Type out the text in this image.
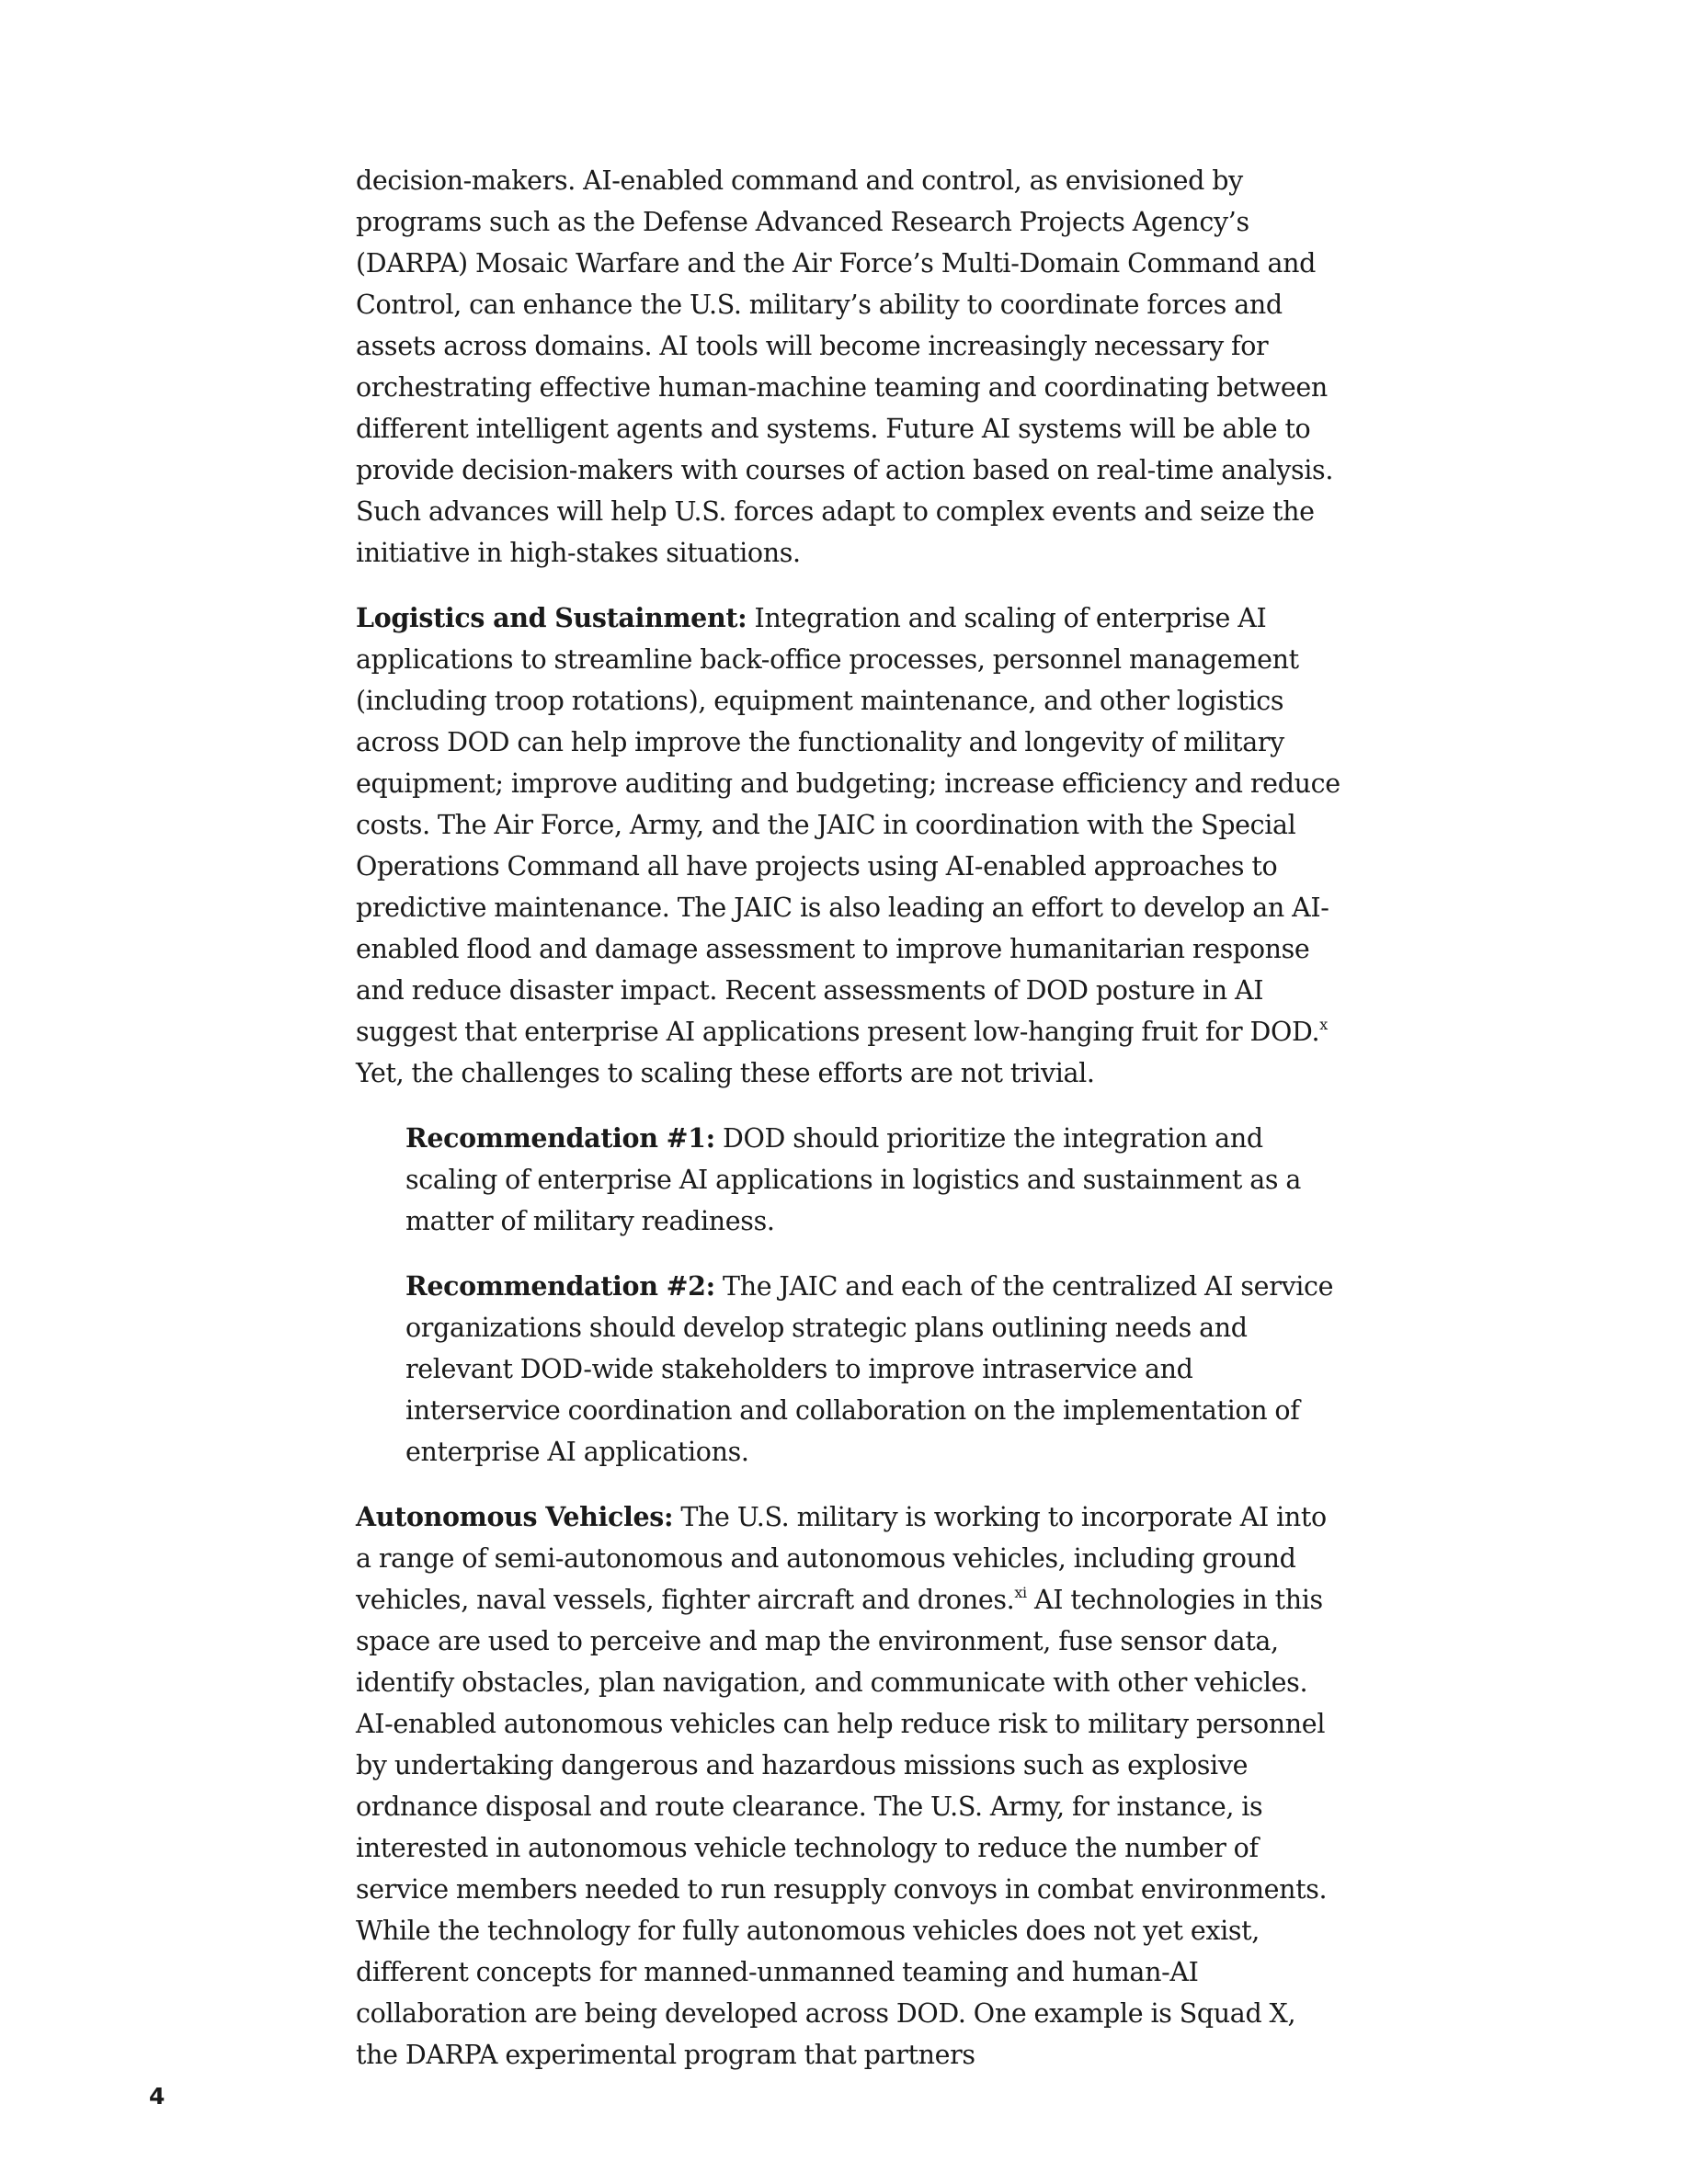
decision-makers. AI-enabled command and control, as envisioned by programs such as the Defense Advanced Research Projects Agency’s (DARPA) Mosaic Warfare and the Air Force’s Multi-Domain Command and Control, can enhance the U.S. military’s ability to coordinate forces and assets across domains. AI tools will become increasingly necessary for orchestrating effective human-machine teaming and coordinating between different intelligent agents and systems. Future AI systems will be able to provide decision-makers with courses of action based on real-time analysis. Such advances will help U.S. forces adapt to complex events and seize the initiative in high-stakes situations.

Logistics and Sustainment: Integration and scaling of enterprise AI applications to streamline back-office processes, personnel management (including troop rotations), equipment maintenance, and other logistics across DOD can help improve the functionality and longevity of military equipment; improve auditing and budgeting; increase efficiency and reduce costs. The Air Force, Army, and the JAIC in coordination with the Special Operations Command all have projects using AI-enabled approaches to predictive maintenance. The JAIC is also leading an effort to develop an AI-enabled flood and damage assessment to improve humanitarian response and reduce disaster impact. Recent assessments of DOD posture in AI suggest that enterprise AI applications present low-hanging fruit for DOD.$^x$ Yet, the challenges to scaling these efforts are not trivial.

Recommendation #1: DOD should prioritize the integration and scaling of enterprise AI applications in logistics and sustainment as a matter of military readiness.

Recommendation #2: The JAIC and each of the centralized AI service organizations should develop strategic plans outlining needs and relevant DOD-wide stakeholders to improve intraservice and interservice coordination and collaboration on the implementation of enterprise AI applications.

Autonomous Vehicles: The U.S. military is working to incorporate AI into a range of semi-autonomous and autonomous vehicles, including ground vehicles, naval vessels, fighter aircraft and drones.$^{xi}$ AI technologies in this space are used to perceive and map the environment, fuse sensor data, identify obstacles, plan navigation, and communicate with other vehicles. AI-enabled autonomous vehicles can help reduce risk to military personnel by undertaking dangerous and hazardous missions such as explosive ordnance disposal and route clearance. The U.S. Army, for instance, is interested in autonomous vehicle technology to reduce the number of service members needed to run resupply convoys in combat environments. While the technology for fully autonomous vehicles does not yet exist, different concepts for manned-unmanned teaming and human-AI collaboration are being developed across DOD. One example is Squad X, the DARPA experimental program that partners

4
